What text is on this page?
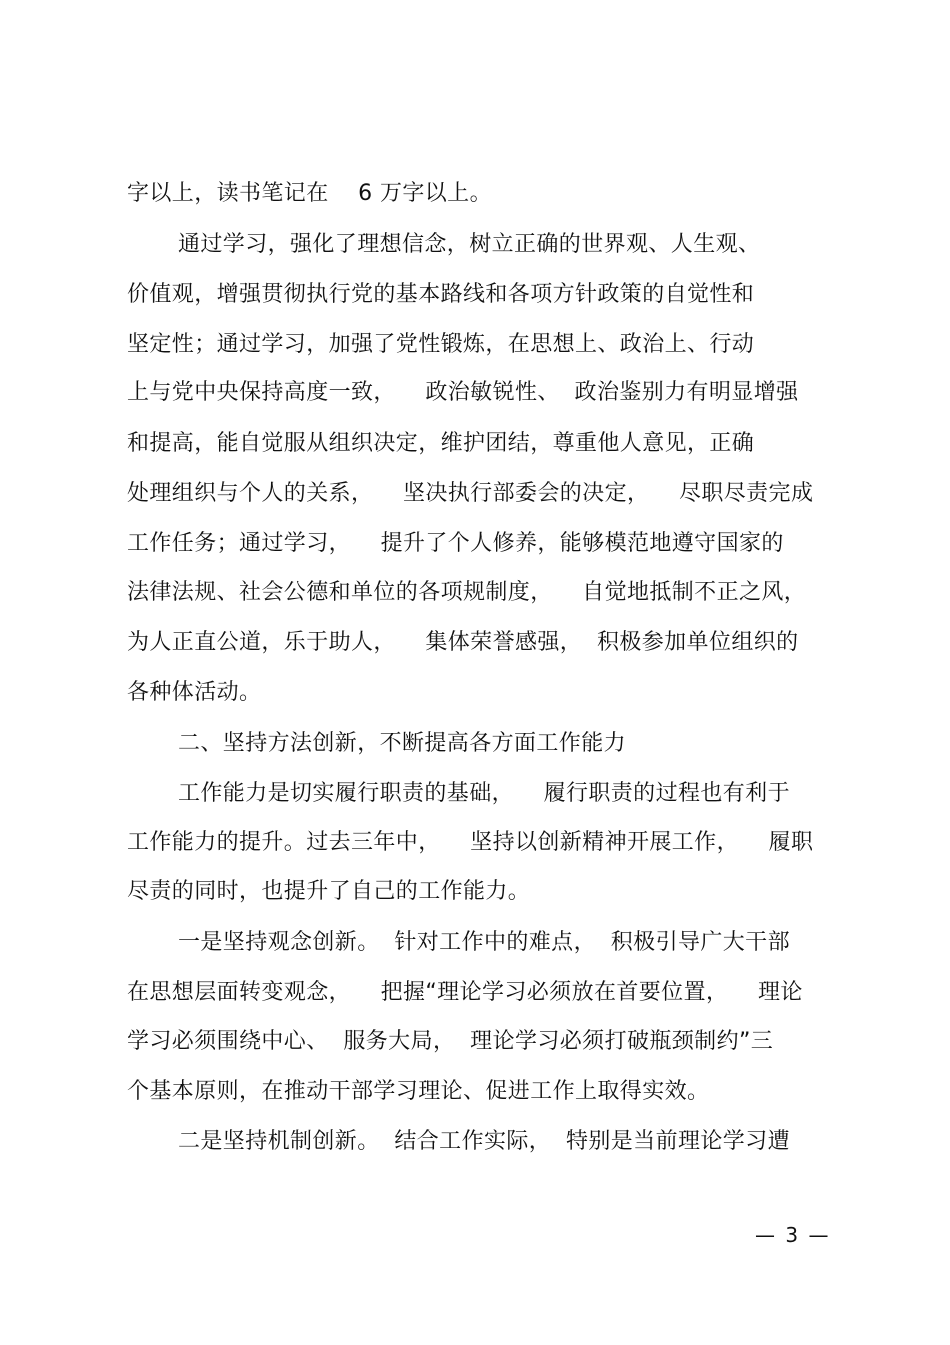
字以上，读书笔记在    6 万字以上。
通过学习，强化了理想信念，树立正确的世界观、人生观、
价值观，增强贯彻执行党的基本路线和各项方针政策的自觉性和
坚定性；通过学习，加强了党性锻炼，在思想上、政治上、行动
上与党中央保持高度一致，    政治敏锐性、  政治鉴别力有明显增强
和提高，能自觉服从组织决定，维护团结，尊重他人意见，正确
处理组织与个人的关系，    坚决执行部委会的决定，    尽职尽责完成
工作任务；通过学习，    提升了个人修养，能够模范地遵守国家的
法律法规、社会公德和单位的各项规制度，    自觉地抵制不正之风，
为人正直公道，乐于助人，    集体荣誉感强，  积极参加单位组织的
各种体活动。
二、坚持方法创新，不断提高各方面工作能力
工作能力是切实履行职责的基础，    履行职责的过程也有利于
工作能力的提升。过去三年中，    坚持以创新精神开展工作，    履职
尽责的同时，也提升了自己的工作能力。
一是坚持观念创新。  针对工作中的难点，  积极引导广大干部
在思想层面转变观念，    把握“理论学习必须放在首要位置，    理论
学习必须围绕中心、  服务大局，  理论学习必须打破瓶颈制约”三
个基本原则，在推动干部学习理论、促进工作上取得实效。
二是坚持机制创新。  结合工作实际，  特别是当前理论学习遭
— 3 —
